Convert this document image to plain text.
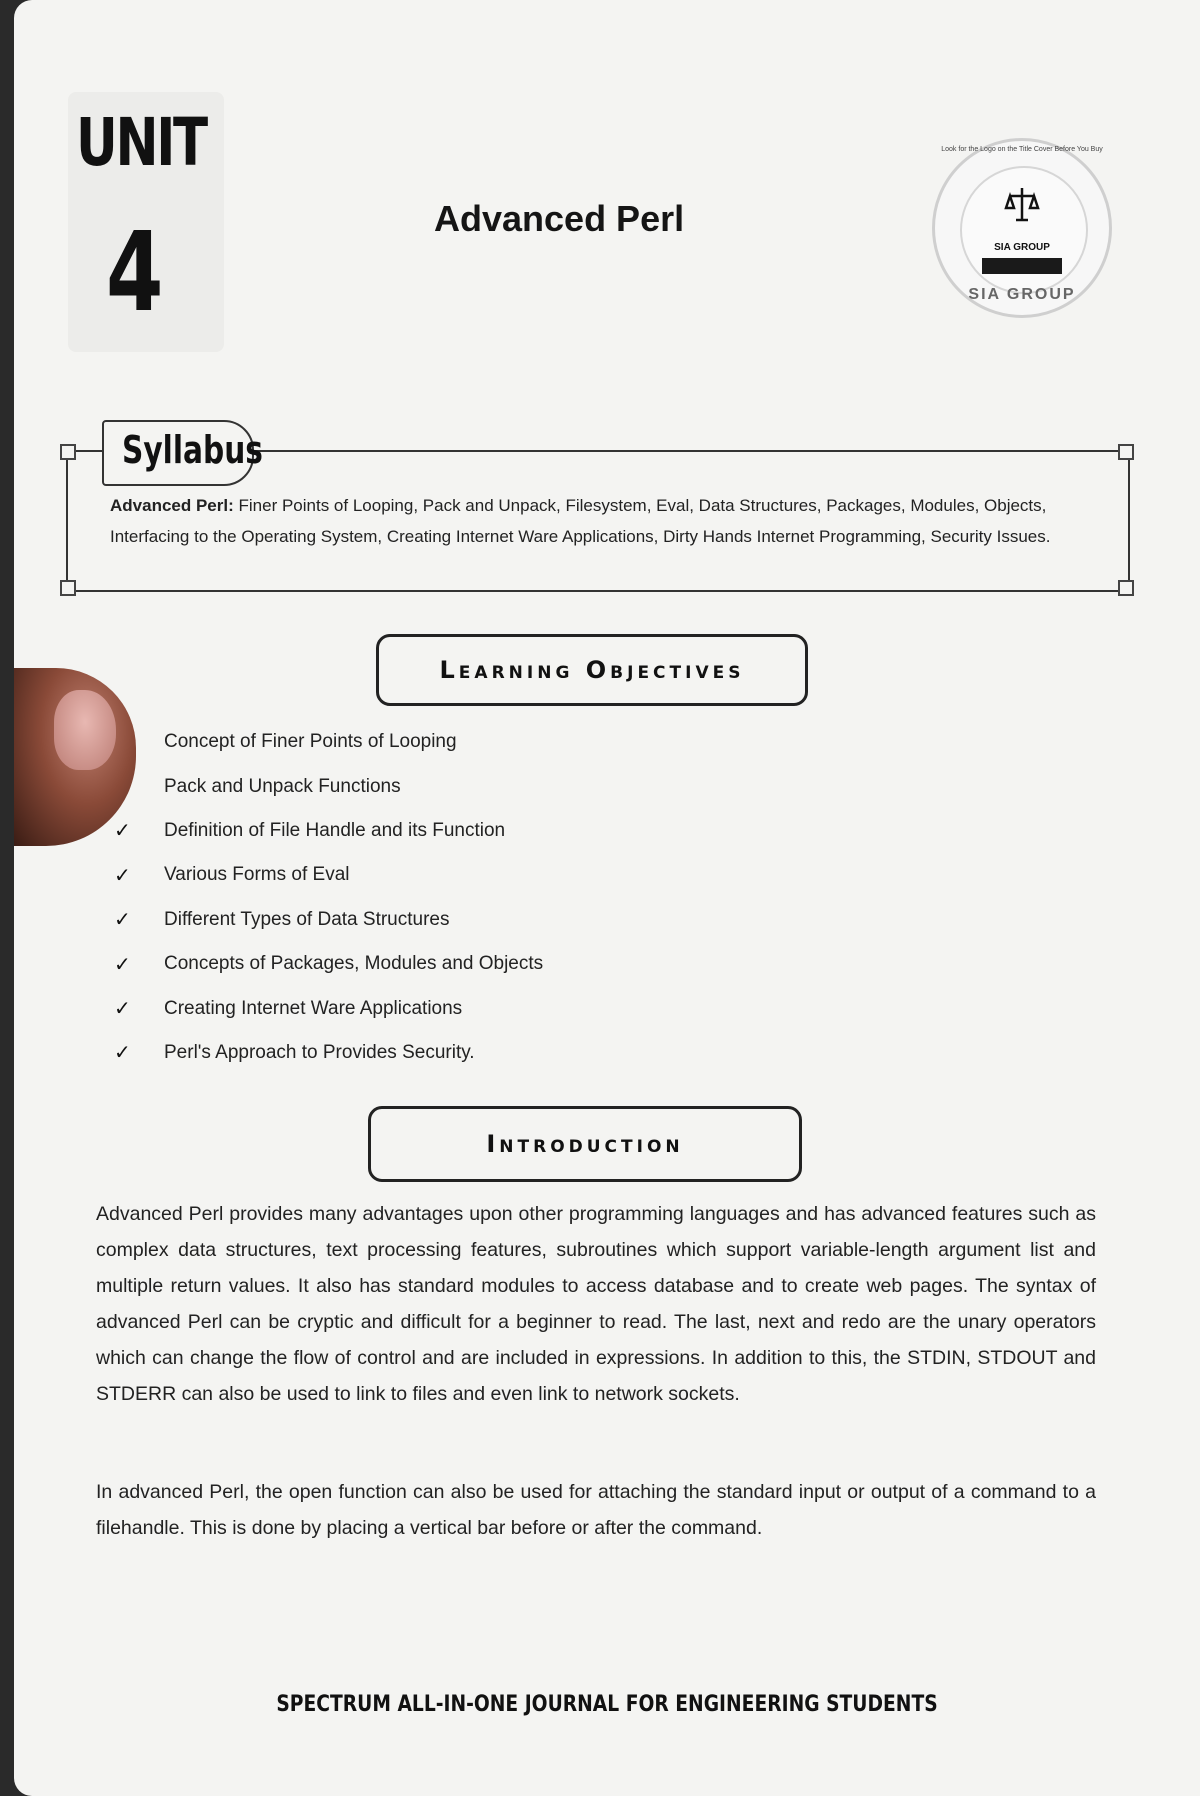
UNIT
4	Advanced Perl
Look for the Logo on the Title Cover Before You Buy
SIA GROUP
SIA GROUP
Syllabus
Advanced Perl: Finer Points of Looping, Pack and Unpack, Filesystem, Eval, Data Structures, Packages, Modules, Objects, Interfacing to the Operating System, Creating Internet Ware Applications, Dirty Hands Internet Programming, Security Issues.
Learning Objectives
Concept of Finer Points of Looping
Pack and Unpack Functions
✓	Definition of File Handle and its Function
✓	Various Forms of Eval
✓	Different Types of Data Structures
✓	Concepts of Packages, Modules and Objects
✓	Creating Internet Ware Applications
✓	Perl's Approach to Provides Security.
Introduction

Advanced Perl provides many advantages upon other programming languages and has advanced features such as complex data structures, text processing features, subroutines which support variable-length argument list and multiple return values. It also has standard modules to access database and to create web pages. The syntax of advanced Perl can be cryptic and difficult for a beginner to read. The last, next and redo are the unary operators which can change the flow of control and are included in expressions. In addition to this, the STDIN, STDOUT and STDERR can also be used to link to files and even link to network sockets.

In advanced Perl, the open function can also be used for attaching the standard input or output of a command to a filehandle. This is done by placing a vertical bar before or after the command.

SPECTRUM ALL-IN-ONE JOURNAL FOR ENGINEERING STUDENTS
